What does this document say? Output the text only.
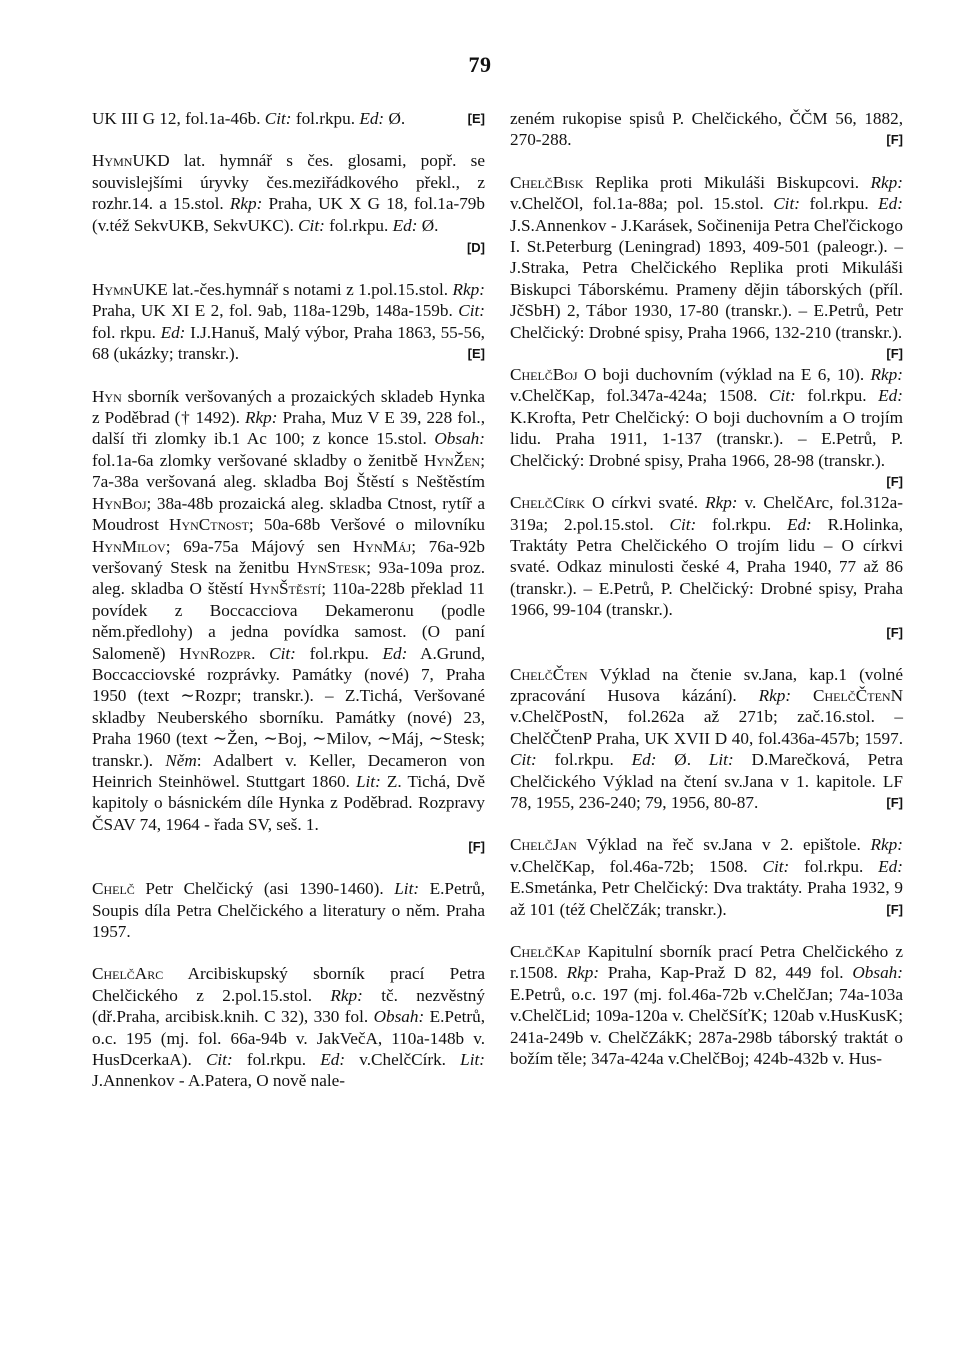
79

UK III G 12, fol.1a-46b. Cit: fol.rkpu. Ed: Ø.	[E]

HymnUKD lat. hymnář s čes. glosami, popř. se souvislejšími úryvky čes.meziřádkového překl., z rozhr.14. a 15.stol. Rkp: Praha, UK X G 18, fol.1a-79b (v.též SekvUKB, SekvUKC). Cit: fol.rkpu. Ed: Ø.
[D]

HymnUKE lat.-čes.hymnář s notami z 1.pol.15.stol. Rkp: Praha, UK XI E 2, fol. 9ab, 118a-129b, 148a-159b. Cit: fol. rkpu. Ed: I.J.Hanuš, Malý výbor, Praha 1863, 55-56, 68 (ukázky; transkr.).	[E]

Hyn sborník veršovaných a prozaických skladeb Hynka z Poděbrad († 1492). Rkp: Praha, Muz V E 39, 228 fol., další tři zlomky ib.1 Ac 100; z konce 15.stol. Obsah: fol.1a-6a zlomky veršované skladby o ženitbě HynŽen; 7a-38a veršovaná aleg. skladba Boj Štěstí s Neštěstím HynBoj; 38a-48b prozaická aleg. skladba Ctnost, rytíř a Moudrost HynCtnost; 50a-68b Veršové o milovníku HynMilov; 69a-75a Májový sen HynMáj; 76a-92b veršovaný Stesk na ženitbu HynStesk; 93a-109a proz. aleg. skladba O štěstí HynŠtěstí; 110a-228b překlad 11 povídek z Boccacciova Dekameronu (podle něm.předlohy) a jedna povídka samost. (O paní Salomeně) HynRozpr. Cit: fol.rkpu. Ed: A.Grund, Boccacciovské rozprávky. Památky (nové) 7, Praha 1950 (text ∼Rozpr; transkr.). – Z.Tichá, Veršované skladby Neuberského sborníku. Památky (nové) 23, Praha 1960 (text ∼Žen, ∼Boj, ∼Milov, ∼Máj, ∼Stesk; transkr.). Něm: Adalbert v. Keller, Decameron von Heinrich Steinhöwel. Stuttgart 1860. Lit: Z. Tichá, Dvě kapitoly o básnickém díle Hynka z Poděbrad. Rozpravy ČSAV 74, 1964 - řada SV, seš. 1.
[F]

Chelč Petr Chelčický (asi 1390-1460). Lit: E.Petrů, Soupis díla Petra Chelčického a literatury o něm. Praha 1957.

ChelčArc Arcibiskupský sborník prací Petra Chelčického z 2.pol.15.stol. Rkp: tč. nezvěstný (dř.Praha, arcibisk.knih. C 32), 330 fol. Obsah: E.Petrů, o.c. 195 (mj. fol. 66a-94b v. JakVečA, 110a-148b v. HusDcerkaA). Cit: fol.rkpu. Ed: v.ChelčCírk. Lit: J.Annenkov - A.Patera, O nově nale-

zeném rukopise spisů P. Chelčického, ČČM 56, 1882, 270-288.	[F]

ChelčBisk Replika proti Mikuláši Biskupcovi. Rkp: v.ChelčOl, fol.1a-88a; pol. 15.stol. Cit: fol.rkpu. Ed: J.S.Annenkov - J.Karásek, Sočinenija Petra Cheľčickogo I. St.Peterburg (Leningrad) 1893, 409-501 (paleogr.). – J.Straka, Petra Chelčického Replika proti Mikuláši Biskupci Táborskému. Prameny dějin táborských (příl. JčSbH) 2, Tábor 1930, 17-80 (transkr.). – E.Petrů, Petr Chelčický: Drobné spisy, Praha 1966, 132-210 (transkr.).
[F]

ChelčBoj O boji duchovním (výklad na E 6, 10). Rkp: v.ChelčKap, fol.347a-424a; 1508. Cit: fol.rkpu. Ed: K.Krofta, Petr Chelčický: O boji duchovním a O trojím lidu. Praha 1911, 1-137 (transkr.). – E.Petrů, P. Chelčický: Drobné spisy, Praha 1966, 28-98 (transkr.).
[F]

ChelčCírk O církvi svaté. Rkp: v. ChelčArc, fol.312a-319a; 2.pol.15.stol. Cit: fol.rkpu. Ed: R.Holinka, Traktáty Petra Chelčického O trojím lidu – O církvi svaté. Odkaz minulosti české 4, Praha 1940, 77 až 86 (transkr.). – E.Petrů, P. Chelčický: Drobné spisy, Praha 1966, 99-104 (transkr.).
[F]

ChelčČten Výklad na čtenie sv.Jana, kap.1 (volné zpracování Husova kázání). Rkp: ChelčČtenN v.ChelčPostN, fol.262a až 271b; zač.16.stol. – ChelčČtenP Praha, UK XVII D 40, fol.436a-457b; 1597. Cit: fol.rkpu. Ed: Ø. Lit: D.Marečková, Petra Chelčického Výklad na čtení sv.Jana v 1. kapitole. LF 78, 1955, 236-240; 79, 1956, 80-87.	[F]

ChelčJan Výklad na řeč sv.Jana v 2. epištole. Rkp: v.ChelčKap, fol.46a-72b; 1508. Cit: fol.rkpu. Ed: E.Smetánka, Petr Chelčický: Dva traktáty. Praha 1932, 9 až 101 (též ChelčZák; transkr.).	[F]

ChelčKap Kapitulní sborník prací Petra Chelčického z r.1508. Rkp: Praha, Kap-Praž D 82, 449 fol. Obsah: E.Petrů, o.c. 197 (mj. fol.46a-72b v.ChelčJan; 74a-103a v.ChelčLid; 109a-120a v. ChelčSíťK; 120ab v.HusKusK; 241a-249b v. ChelčZákK; 287a-298b táborský traktát o božím těle; 347a-424a v.ChelčBoj; 424b-432b v. Hus-
